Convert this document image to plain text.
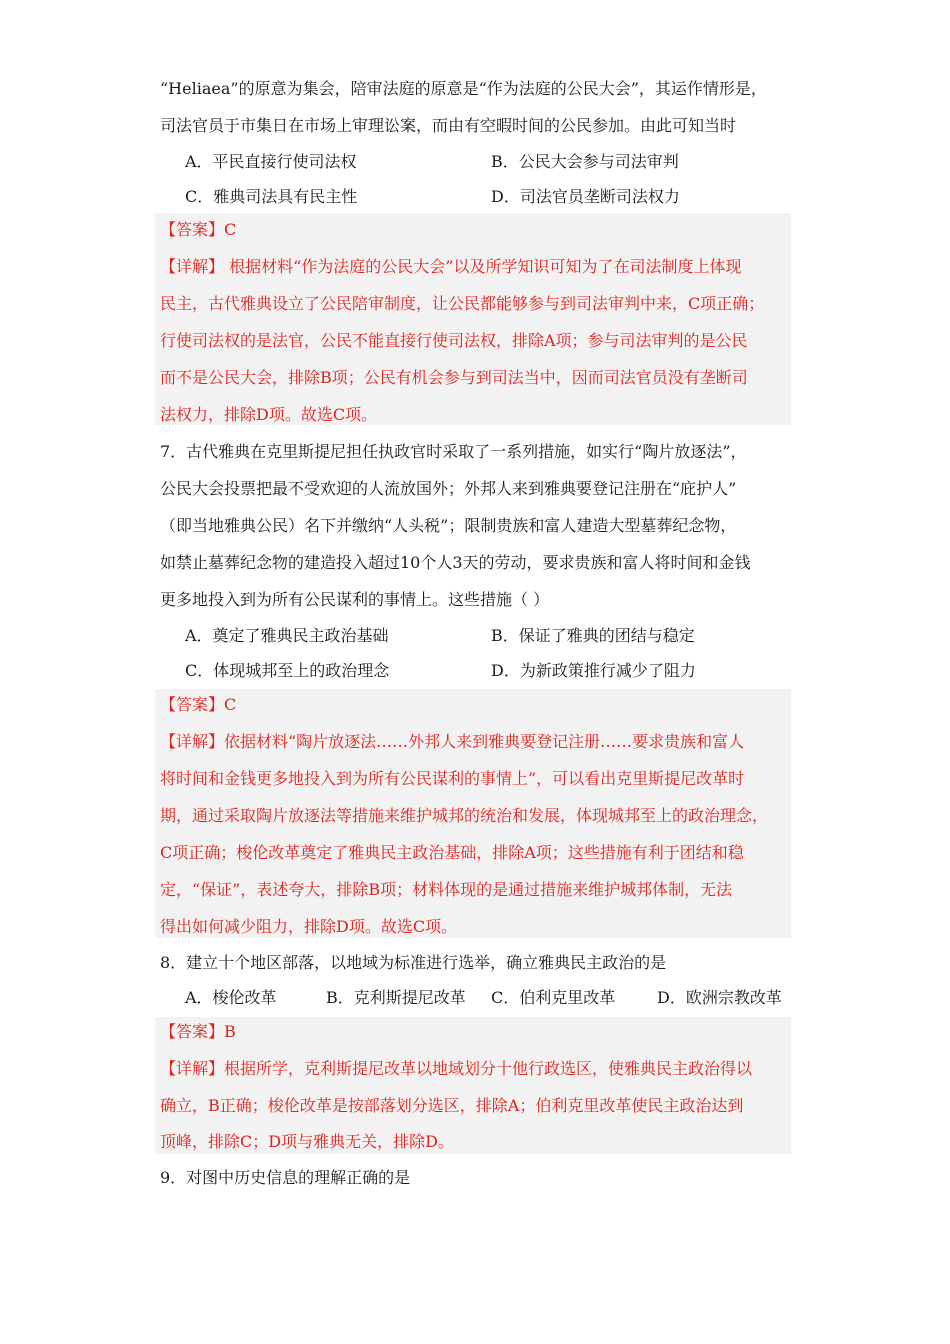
“Heliaea”的原意为集会，陪审法庭的原意是“作为法庭的公民大会”，其运作情形是，
司法官员于市集日在市场上审理讼案，而由有空暇时间的公民参加。由此可知当时
A．平民直接行使司法权	B．公民大会参与司法审判
C．雅典司法具有民主性	D．司法官员垄断司法权力
【答案】C
【详解】 根据材料“作为法庭的公民大会”以及所学知识可知为了在司法制度上体现
民主，古代雅典设立了公民陪审制度，让公民都能够参与到司法审判中来，C项正确；
行使司法权的是法官，公民不能直接行使司法权，排除A项；参与司法审判的是公民
而不是公民大会，排除B项；公民有机会参与到司法当中，因而司法官员没有垄断司
法权力，排除D项。故选C项。
7．古代雅典在克里斯提尼担任执政官时采取了一系列措施，如实行“陶片放逐法”，
公民大会投票把最不受欢迎的人流放国外；外邦人来到雅典要登记注册在“庇护人”
（即当地雅典公民）名下并缴纳“人头税”；限制贵族和富人建造大型墓葬纪念物，
如禁止墓葬纪念物的建造投入超过10个人3天的劳动，要求贵族和富人将时间和金钱
更多地投入到为所有公民谋利的事情上。这些措施（ ）
A．奠定了雅典民主政治基础	B．保证了雅典的团结与稳定
C．体现城邦至上的政治理念	D．为新政策推行减少了阻力
【答案】C
【详解】依据材料“陶片放逐法……外邦人来到雅典要登记注册……要求贵族和富人
将时间和金钱更多地投入到为所有公民谋利的事情上”，可以看出克里斯提尼改革时
期，通过采取陶片放逐法等措施来维护城邦的统治和发展，体现城邦至上的政治理念，
C项正确；梭伦改革奠定了雅典民主政治基础，排除A项；这些措施有利于团结和稳
定，“保证”，表述夸大，排除B项；材料体现的是通过措施来维护城邦体制，无法
得出如何减少阻力，排除D项。故选C项。
8．建立十个地区部落，以地域为标准进行选举，确立雅典民主政治的是
A．梭伦改革	B．克利斯提尼改革 C．伯利克里改革	D．欧洲宗教改革
【答案】B
【详解】根据所学，克利斯提尼改革以地域划分十他行政选区，使雅典民主政治得以
确立，B正确；梭伦改革是按部落划分选区，排除A；伯利克里改革使民主政治达到
顶峰，排除C；D项与雅典无关，排除D。
9．对图中历史信息的理解正确的是
